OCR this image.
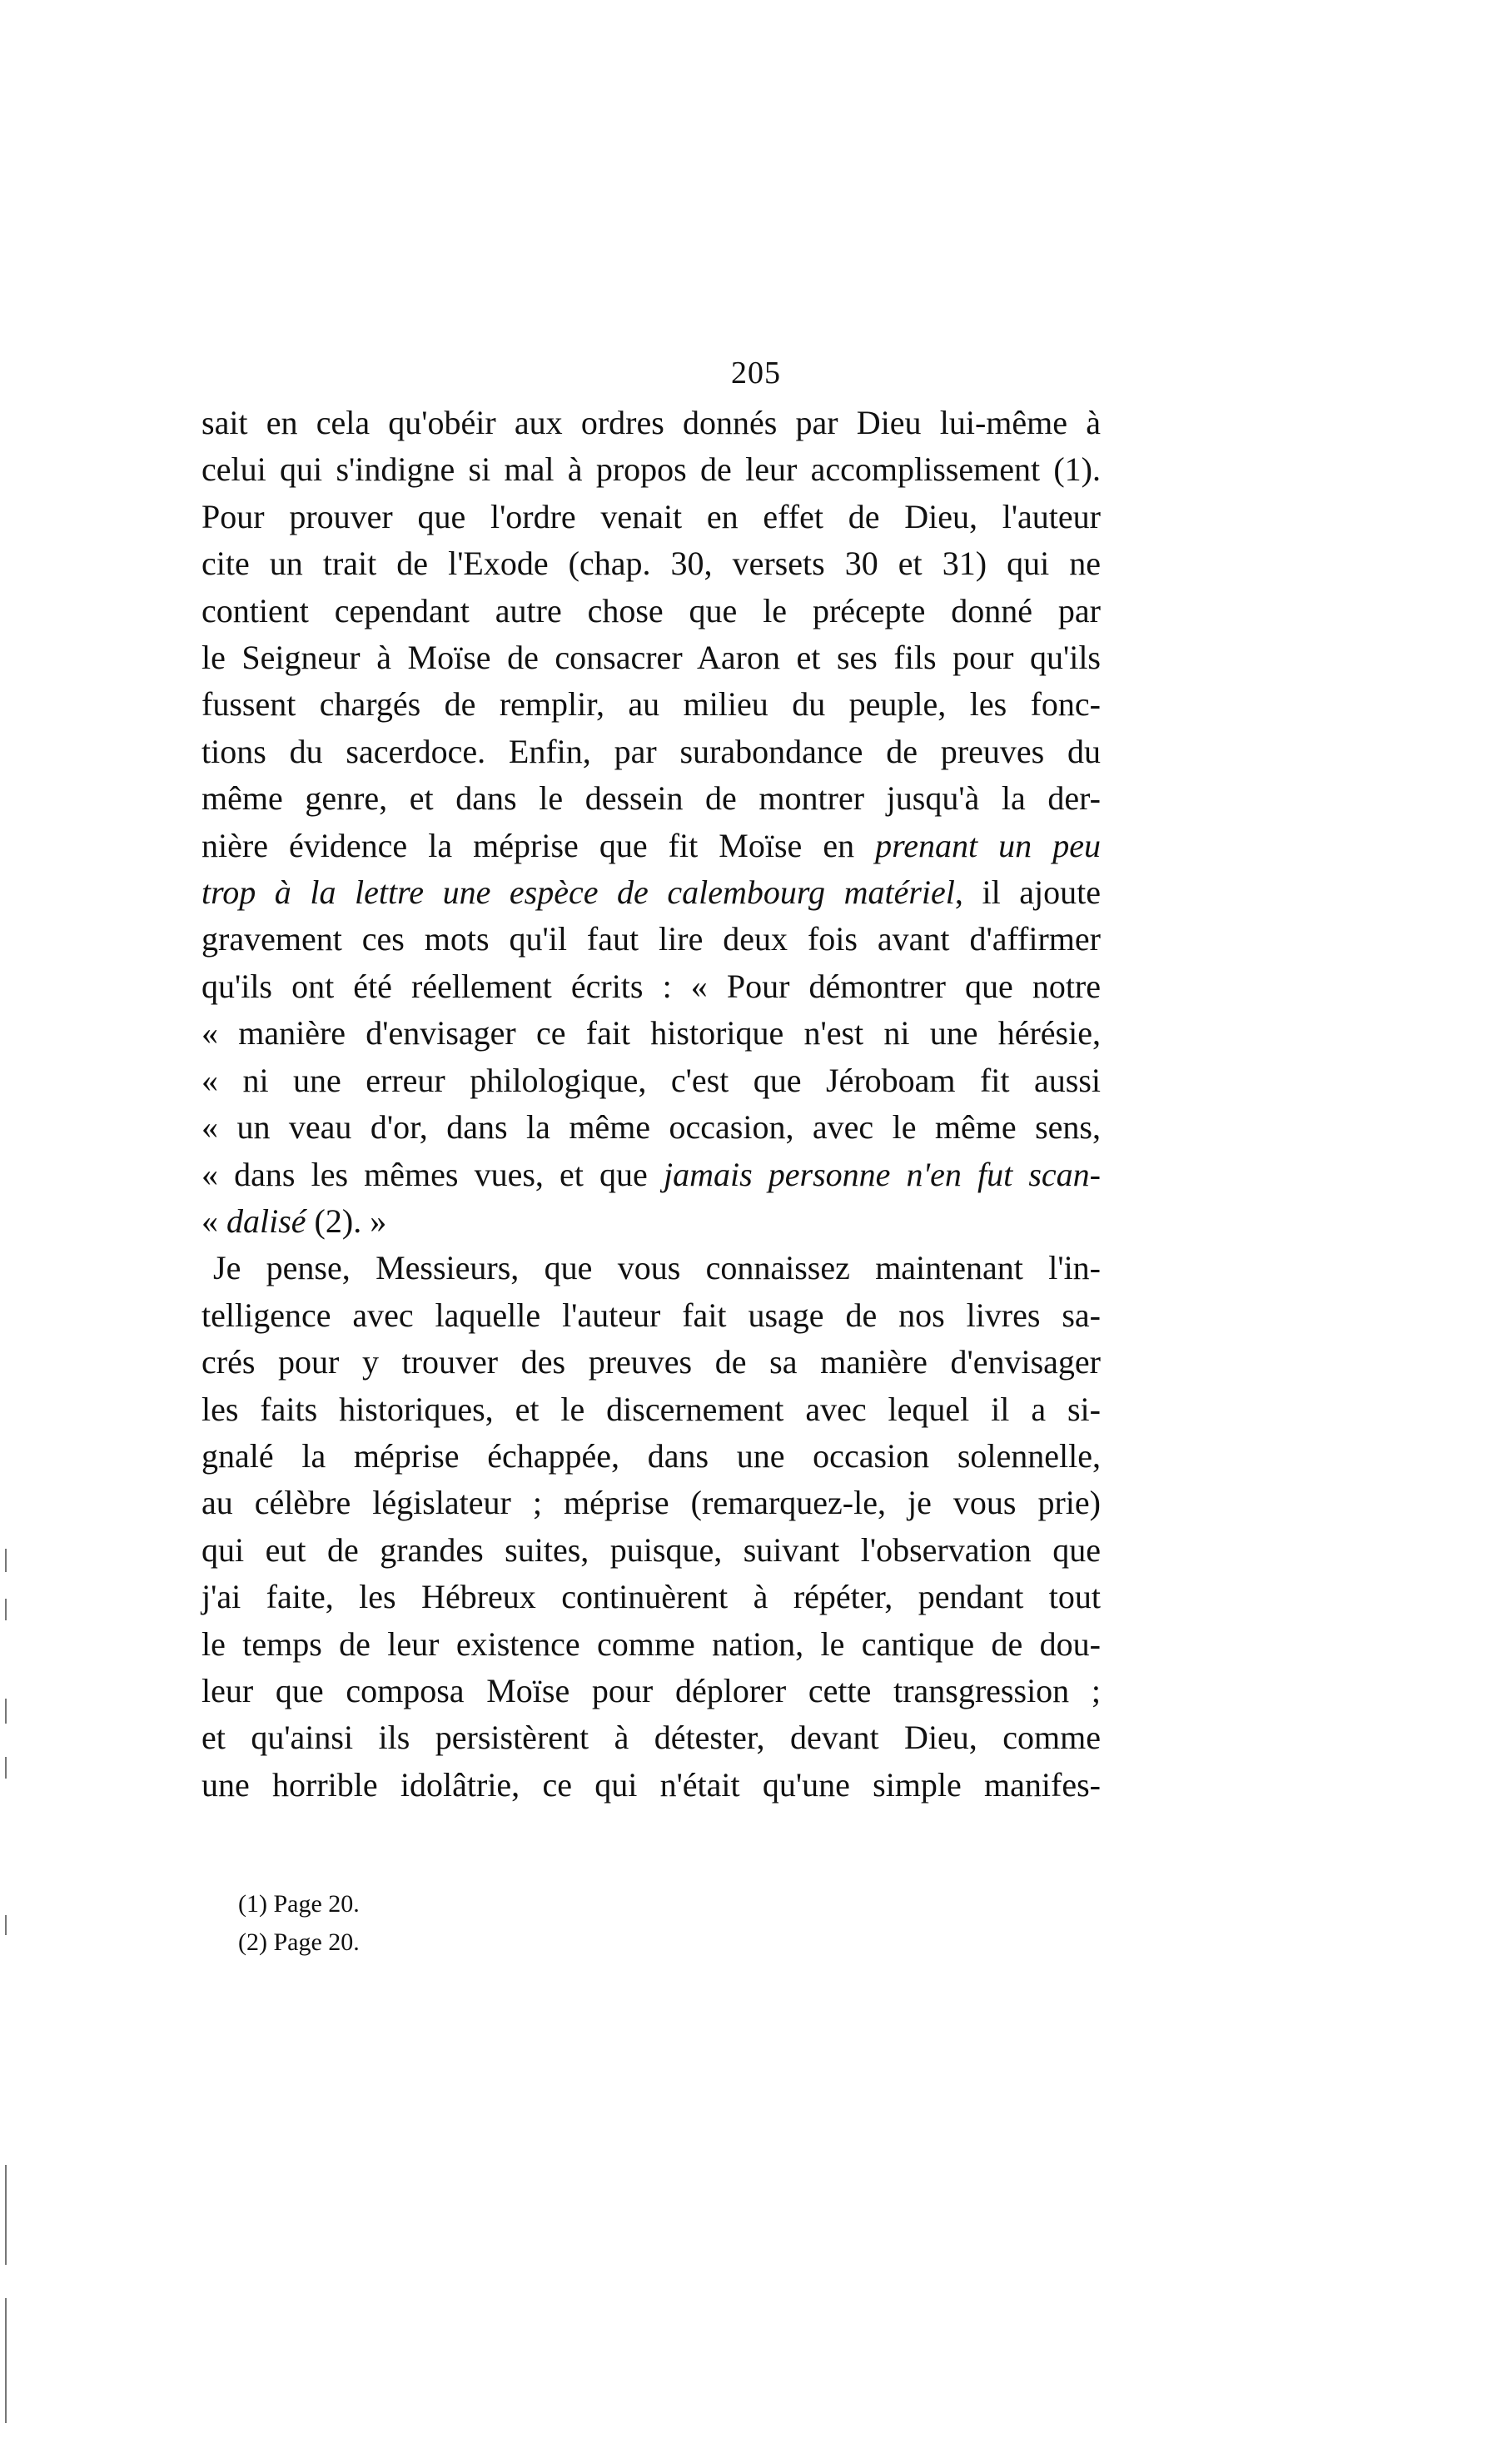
205
sait en cela qu'obéir aux ordres donnés par Dieu lui-même à
celui qui s'indigne si mal à propos de leur accomplissement (1).
Pour prouver que l'ordre venait en effet de Dieu, l'auteur
cite un trait de l'Exode (chap. 30, versets 30 et 31) qui ne
contient cependant autre chose que le précepte donné par
le Seigneur à Moïse de consacrer Aaron et ses fils pour qu'ils
fussent chargés de remplir, au milieu du peuple, les fonc-
tions du sacerdoce. Enfin, par surabondance de preuves du
même genre, et dans le dessein de montrer jusqu'à la der-
nière évidence la méprise que fit Moïse en prenant un peu
trop à la lettre une espèce de calembourg matériel, il ajoute
gravement ces mots qu'il faut lire deux fois avant d'affirmer
qu'ils ont été réellement écrits : « Pour démontrer que notre
« manière d'envisager ce fait historique n'est ni une hérésie,
« ni une erreur philologique, c'est que Jéroboam fit aussi
« un veau d'or, dans la même occasion, avec le même sens,
« dans les mêmes vues, et que jamais personne n'en fut scan-
« dalisé (2). »
Je pense, Messieurs, que vous connaissez maintenant l'in-
telligence avec laquelle l'auteur fait usage de nos livres sa-
crés pour y trouver des preuves de sa manière d'envisager
les faits historiques, et le discernement avec lequel il a si-
gnalé la méprise échappée, dans une occasion solennelle,
au célèbre législateur ; méprise (remarquez-le, je vous prie)
qui eut de grandes suites, puisque, suivant l'observation que
j'ai faite, les Hébreux continuèrent à répéter, pendant tout
le temps de leur existence comme nation, le cantique de dou-
leur que composa Moïse pour déplorer cette transgression ;
et qu'ainsi ils persistèrent à détester, devant Dieu, comme
une horrible idolâtrie, ce qui n'était qu'une simple manifes-
(1) Page 20.
(2) Page 20.
